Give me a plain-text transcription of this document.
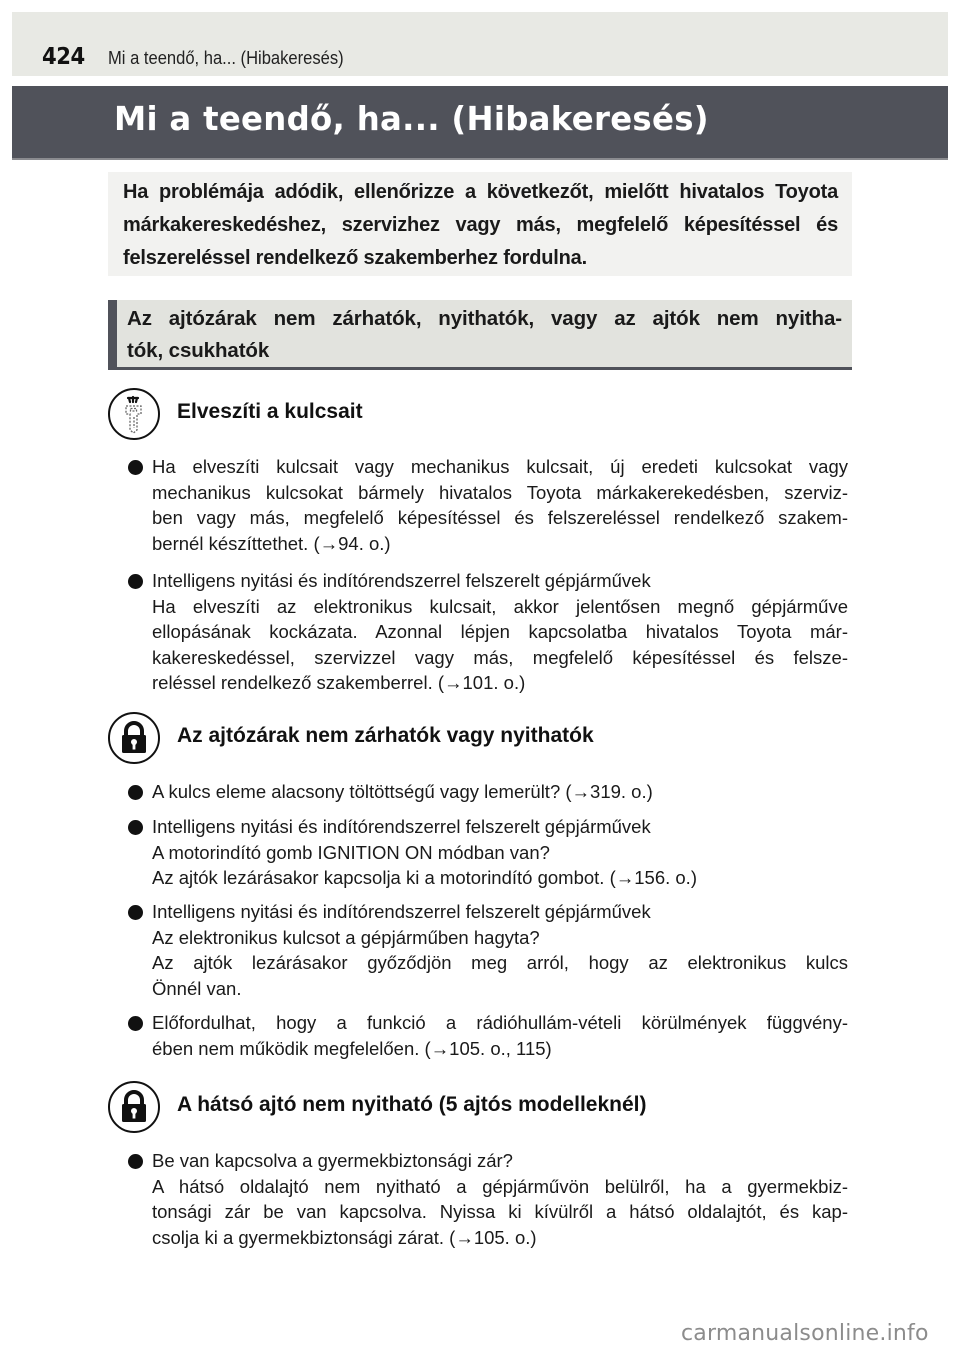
424 Mi a teendő, ha... (Hibakeresés)
Mi a teendő, ha... (Hibakeresés)
Ha problémája adódik, ellenőrizze a következőt, mielőtt hivatalos Toyota márkakereskedéshez, szervizhez vagy más, megfelelő képesítéssel és felszereléssel rendelkező szakemberhez fordulna.
Az ajtózárak nem zárhatók, nyithatók, vagy az ajtók nem nyitha-
tók, csukhatók
Elveszíti a kulcsait
Ha elveszíti kulcsait vagy mechanikus kulcsait, új eredeti kulcsokat vagy
mechanikus kulcsokat bármely hivatalos Toyota márkakerekedésben, szerviz-
ben vagy más, megfelelő képesítéssel és felszereléssel rendelkező szakem-
bernél készíttethet. (→94. o.)
Intelligens nyitási és indítórendszerrel felszerelt gépjárművek
Ha elveszíti az elektronikus kulcsait, akkor jelentősen megnő gépjárműve
ellopásának kockázata. Azonnal lépjen kapcsolatba hivatalos Toyota már-
kakereskedéssel, szervizzel vagy más, megfelelő képesítéssel és felsze-
reléssel rendelkező szakemberrel. (→101. o.)
Az ajtózárak nem zárhatók vagy nyithatók
A kulcs eleme alacsony töltöttségű vagy lemerült? (→319. o.)
Intelligens nyitási és indítórendszerrel felszerelt gépjárművek
A motorindító gomb IGNITION ON módban van?
Az ajtók lezárásakor kapcsolja ki a motorindító gombot. (→156. o.)
Intelligens nyitási és indítórendszerrel felszerelt gépjárművek
Az elektronikus kulcsot a gépjárműben hagyta?
Az ajtók lezárásakor győződjön meg arról, hogy az elektronikus kulcs
Önnél van.
Előfordulhat, hogy a funkció a rádióhullám-vételi körülmények függvény-
ében nem működik megfelelően. (→105. o., 115)
A hátsó ajtó nem nyitható (5 ajtós modelleknél)
Be van kapcsolva a gyermekbiztonsági zár?
A hátsó oldalajtó nem nyitható a gépjárművön belülről, ha a gyermekbiz-
tonsági zár be van kapcsolva. Nyissa ki kívülről a hátsó oldalajtót, és kap-
csolja ki a gyermekbiztonsági zárat. (→105. o.)
carmanualsonline.info
